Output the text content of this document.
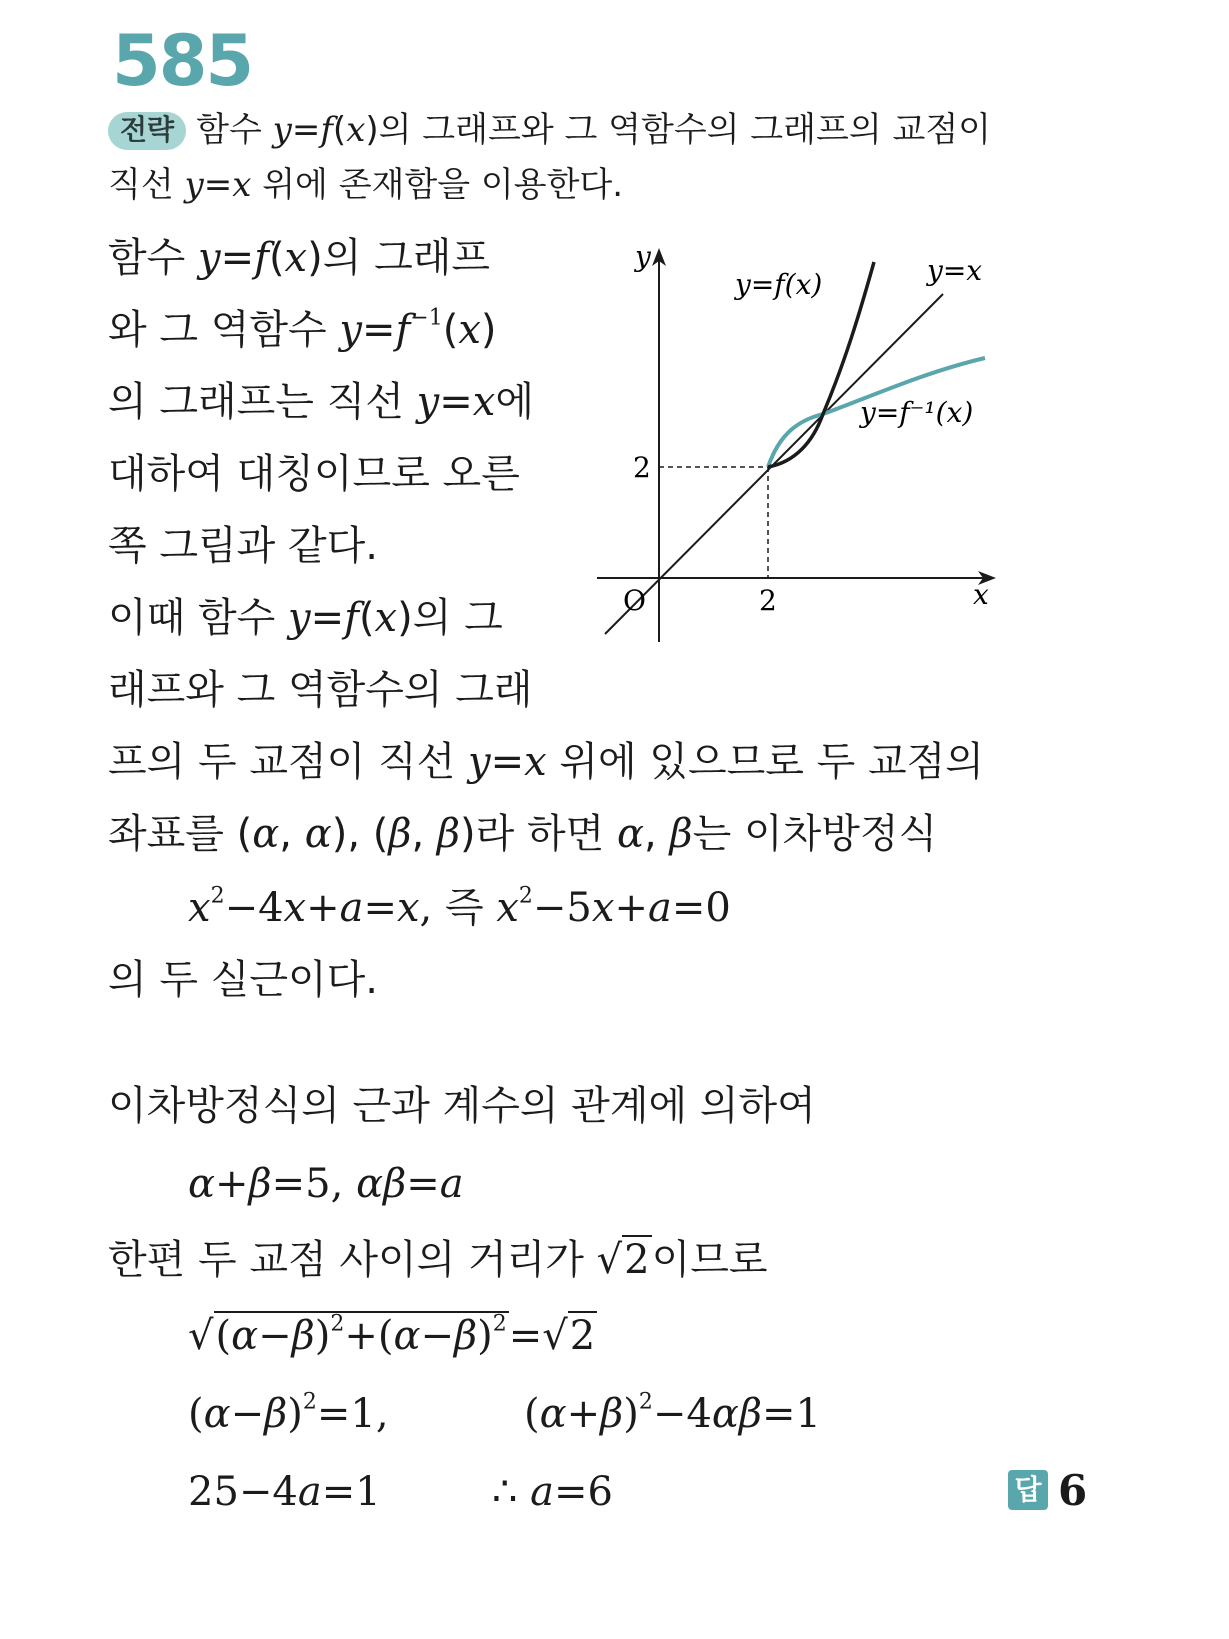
585
전략 함수 y=f(x)의 그래프와 그 역함수의 그래프의 교점이
직선 y=x 위에 존재함을 이용한다.
함수 y=f(x)의 그래프
와 그 역함수 $y=f^{-1}(x)$
의 그래프는 직선 y=x에
대하여 대칭이므로 오른
쪽 그림과 같다.
이때 함수 y=f(x)의 그
래프와 그 역함수의 그래
프의 두 교점이 직선 y=x 위에 있으므로 두 교점의
좌표를 (α, α), (β, β)라 하면 α, β는 이차방정식
$x^2-4x+a=x$, 즉 $x^2-5x+a=0$
의 두 실근이다.
이차방정식의 근과 계수의 관계에 의하여
α+β=5, αβ=a
한편 두 교점 사이의 거리가 √2이므로
$√(\alpha-\beta)^2+(\alpha-\beta)^2=√2$
$(\alpha-\beta)^2=1$,	$(\alpha+\beta)^2-4\alpha\beta=1$
25−4a=1	∴ a=6	답 6
y
x
O	2
2
y=f(x)	y=x
y=f⁻¹(x)
